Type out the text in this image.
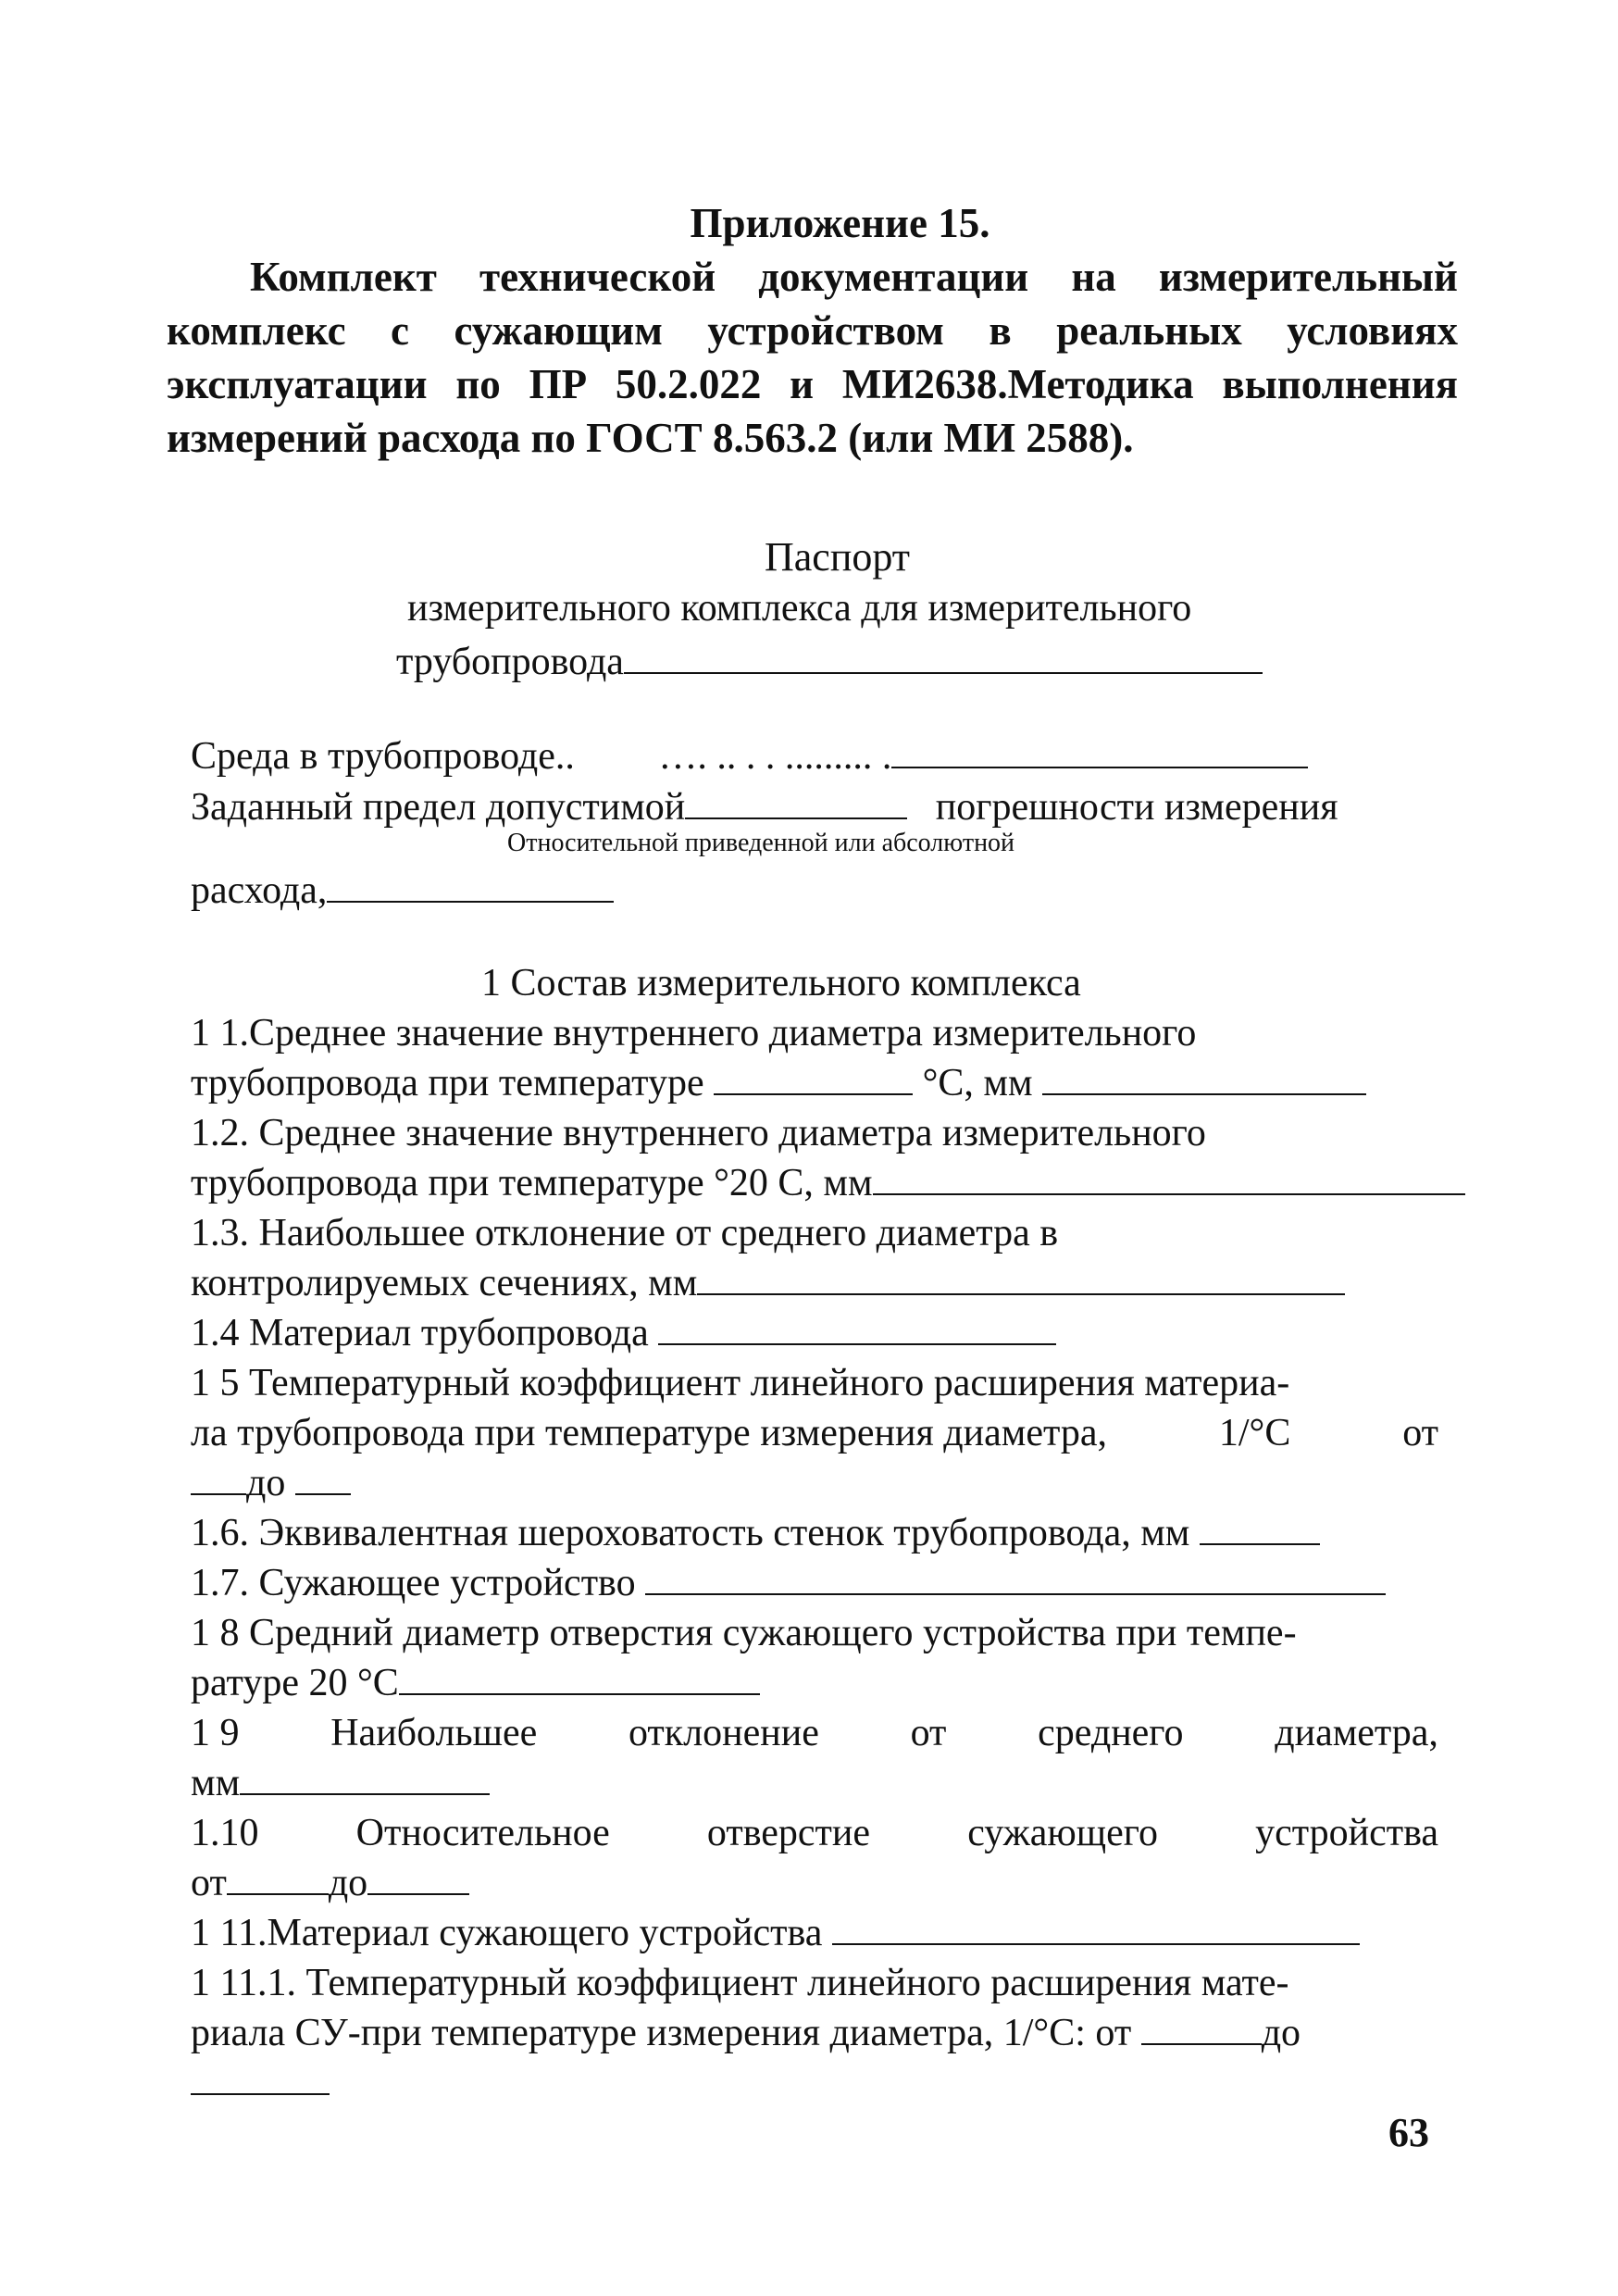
Приложение 15.
Комплект технической документации на измерительный комплекс с сужающим устройством в реальных условиях эксплуатации по ПР 50.2.022 и МИ2638.Методика выполнения измерений расхода по ГОСТ 8.563.2 (или МИ 2588).
Паспорт
измерительного комплекса для измерительного
трубопровода
Среда в трубопроводе.. …. .. . . ......... .
Заданный предел допустимой	погрешности измерения
Относительной приведенной или абсолютной
расхода,
1 Состав измерительного комплекса
1 1.Среднее значение внутреннего диаметра измерительного
трубопровода при температуре	°С, мм
1.2. Среднее значение внутреннего диаметра измерительного
трубопровода при температуре °20 С, мм
1.3. Наибольшее отклонение от среднего диаметра в
контролируемых сечениях, мм
1.4 Материал трубопровода
1 5 Температурный коэффициент линейного расширения материа-
ла трубопровода при температуре измерения диаметра,	1/°С	от
до
1.6. Эквивалентная шероховатость стенок трубопровода, мм
1.7. Сужающее устройство
1 8 Средний диаметр отверстия сужающего устройства при темпе-
ратуре 20 °С
1 9 Наибольшее отклонение от среднего диаметра,
мм
1.10	Относительное	отверстие	сужающего	устройства
от	до
1 11.Материал сужающего устройства
1 11.1. Температурный коэффициент линейного расширения мате-
риала СУ-при температуре измерения диаметра, 1/°С: от	до
63
